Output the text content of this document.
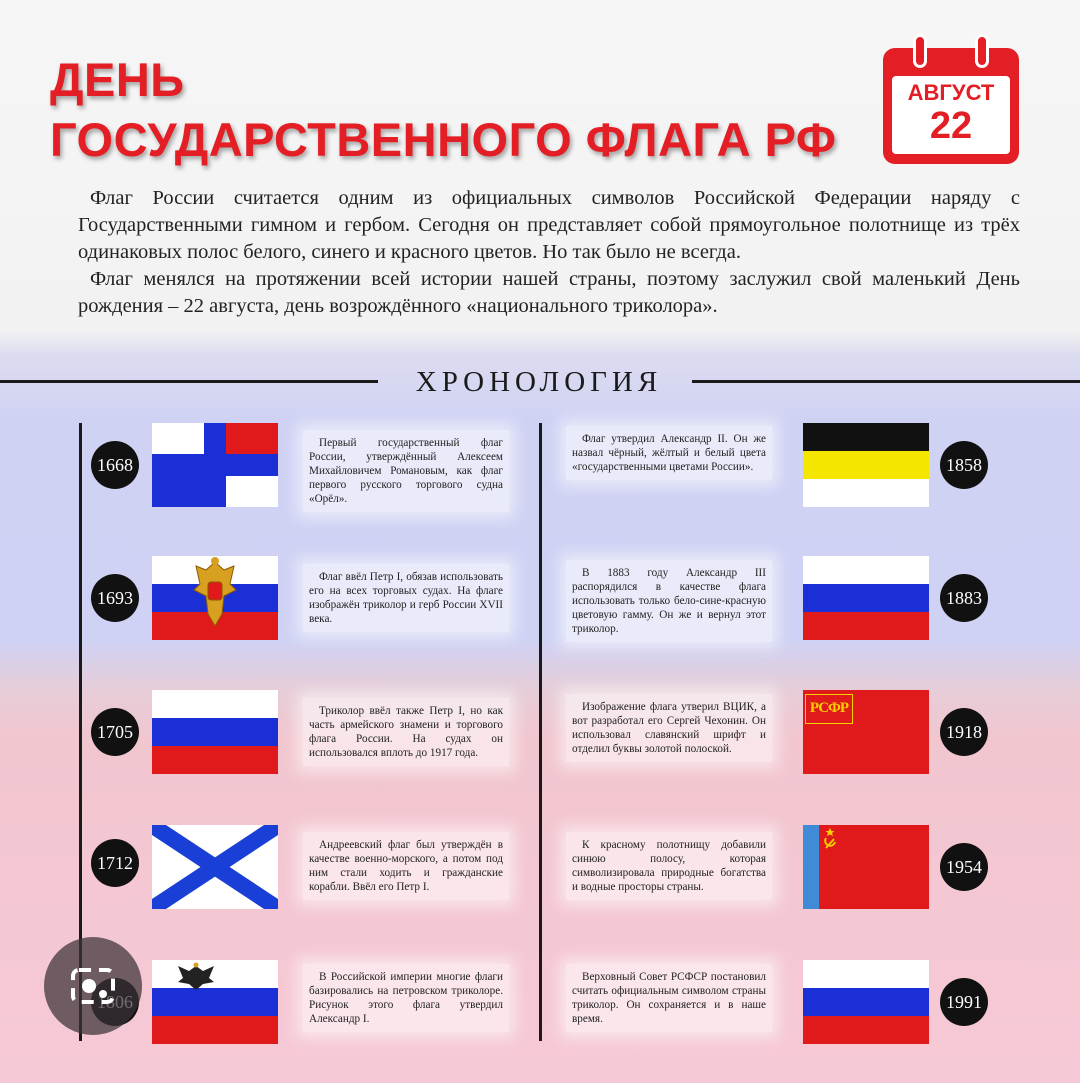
ДЕНЬ
ГОСУДАРСТВЕННОГО ФЛАГА РФ
АВГУСТ
22

Флаг России считается одним из официальных символов Российской Федерации наряду с Государственными гимном и гербом. Сегодня он представляет собой прямоугольное полотнище из трёх одинаковых полос белого, синего и красного цветов. Но так было не всегда.

Флаг менялся на протяжении всей истории нашей страны, поэтому заслужил свой маленький День рождения – 22 августа, день возрождённого «национального триколора».

ХРОНОЛОГИЯ
1668

Первый государственный флаг России, утверждённый Алексеем Михайловичем Романовым, как флаг первого русского торгового судна «Орёл».

1693

Флаг ввёл Петр I, обязав использовать его на всех торговых судах. На флаге изображён триколор и герб России XVII века.

1705

Триколор ввёл также Петр I, но как часть армейского знамени и торгового флага России. На судах он использовался вплоть до 1917 года.

1712

Андреевский флаг был утверждён в качестве военно-морского, а потом под ним стали ходить и гражданские корабли. Ввёл его Петр I.

В Российской империи многие флаги базировались на петровском триколоре. Рисунок этого флага утвердил Александр I.

Флаг утвердил Александр II. Он же назвал чёрный, жёлтый и белый цвета «государственными цветами России».	1858

В 1883 году Александр III распорядился в качестве флага использовать только бело-сине-красную цветовую гамму. Он же и вернул этот триколор.

1883

Изображение флага утверил ВЦИК, а вот разработал его Сергей Чехонин. Он использовал славянский шрифт и отделил буквы золотой полоской.

РСФР
1918

К красному полотнищу добавили синюю полосу, которая символизировала природные богатства и водные просторы страны.

1954

Верховный Совет РСФСР постановил считать официальным символом страны триколор. Он сохраняется и в наше время.

1991
